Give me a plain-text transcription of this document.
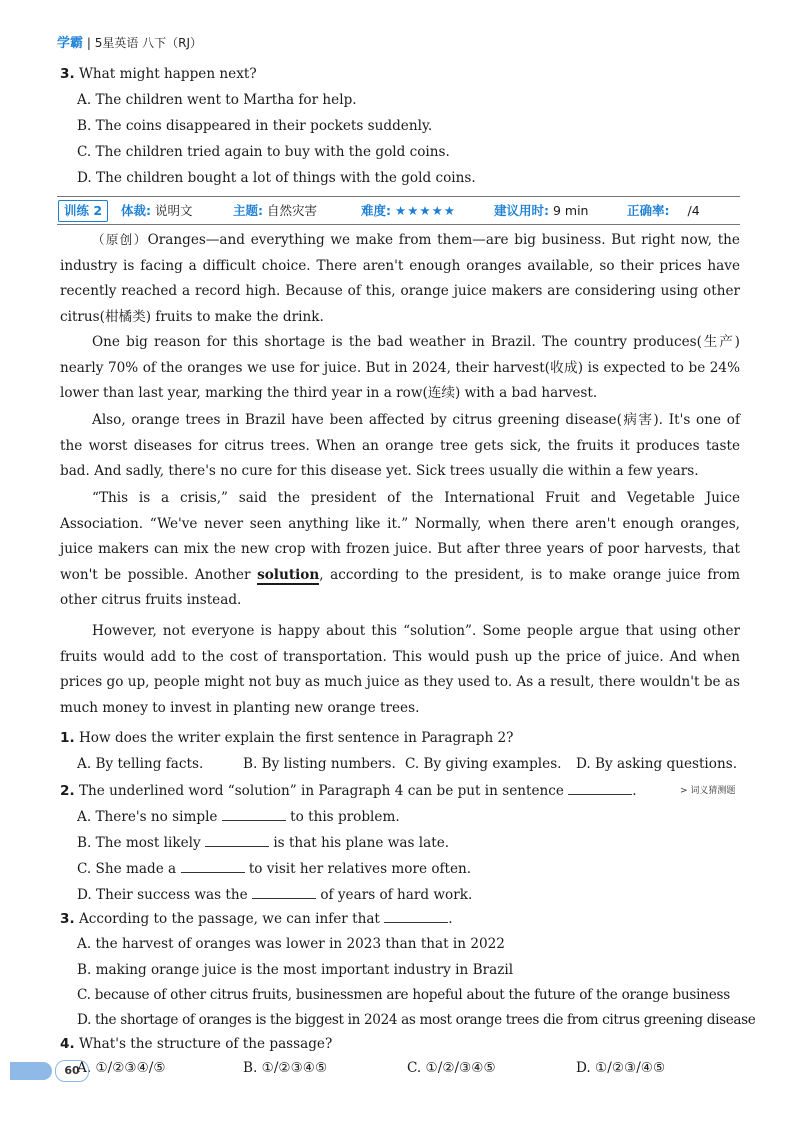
学霸 | 5星英语 八下（RJ）
3. What might happen next?
A. The children went to Martha for help.
B. The coins disappeared in their pockets suddenly.
C. The children tried again to buy with the gold coins.
D. The children bought a lot of things with the gold coins.
训练 2	体裁: 说明文	主题: 自然灾害	难度: ★★★★★	建议用时: 9 min	正确率: /4
（原创）Oranges—and everything we make from them—are big business. But right now, the industry is facing a difficult choice. There aren't enough oranges available, so their prices have recently reached a record high. Because of this, orange juice makers are considering using other citrus(柑橘类) fruits to make the drink.
One big reason for this shortage is the bad weather in Brazil. The country produces(生产) nearly 70% of the oranges we use for juice. But in 2024, their harvest(收成) is expected to be 24% lower than last year, marking the third year in a row(连续) with a bad harvest.
Also, orange trees in Brazil have been affected by citrus greening disease(病害). It's one of the worst diseases for citrus trees. When an orange tree gets sick, the fruits it produces taste bad. And sadly, there's no cure for this disease yet. Sick trees usually die within a few years.
“This is a crisis,” said the president of the International Fruit and Vegetable Juice Association. “We've never seen anything like it.” Normally, when there aren't enough oranges, juice makers can mix the new crop with frozen juice. But after three years of poor harvests, that won't be possible. Another solution, according to the president, is to make orange juice from other citrus fruits instead.
However, not everyone is happy about this “solution”. Some people argue that using other fruits would add to the cost of transportation. This would push up the price of juice. And when prices go up, people might not buy as much juice as they used to. As a result, there wouldn't be as much money to invest in planting new orange trees.
1. How does the writer explain the first sentence in Paragraph 2?
A. By telling facts.	B. By listing numbers. C. By giving examples. D. By asking questions.
2. The underlined word “solution” in Paragraph 4 can be put in sentence	.	> 词义猜测题
A. There's no simple	to this problem.
B. The most likely	is that his plane was late.
C. She made a	to visit her relatives more often.
D. Their success was the	of years of hard work.
3. According to the passage, we can infer that	.
A. the harvest of oranges was lower in 2023 than that in 2022
B. making orange juice is the most important industry in Brazil
C. because of other citrus fruits, businessmen are hopeful about the future of the orange business
D. the shortage of oranges is the biggest in 2024 as most orange trees die from citrus greening disease
4. What's the structure of the passage?
A. ①/②③④/⑤	B. ①/②③④⑤	C. ①/②/③④⑤	D. ①/②③/④⑤
60
